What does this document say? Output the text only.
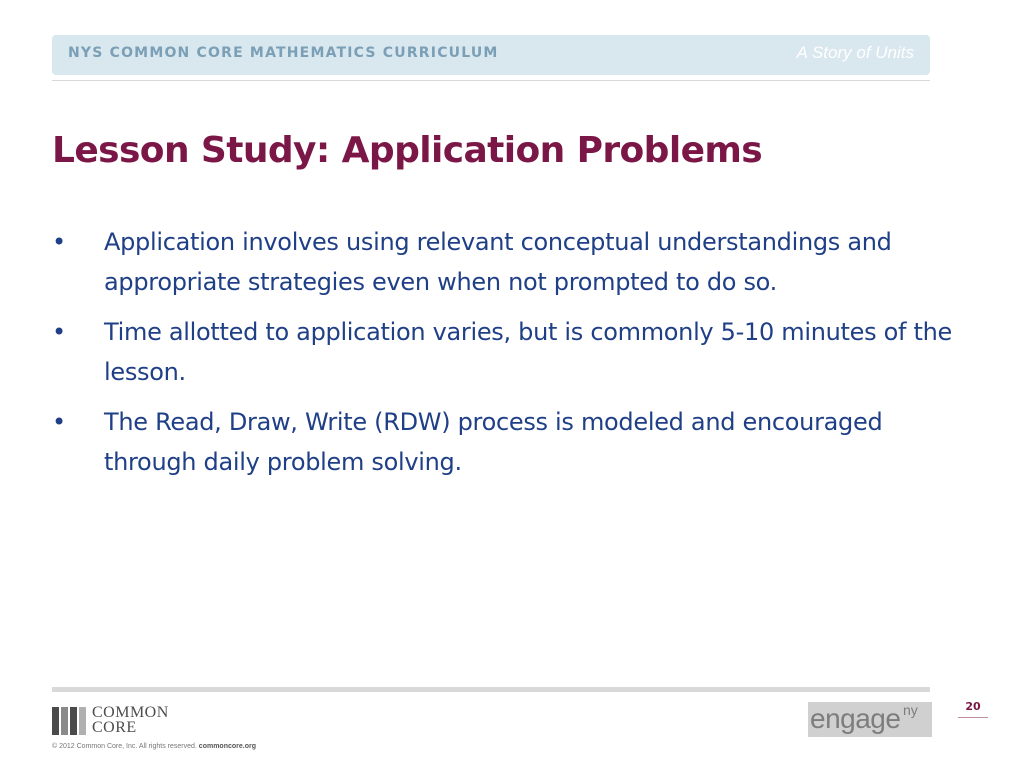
NYS COMMON CORE MATHEMATICS CURRICULUM	A Story of Units
Lesson Study: Application Problems
• Application involves using relevant conceptual understandings and appropriate strategies even when not prompted to do so.
• Time allotted to application varies, but is commonly 5-10 minutes of the lesson.
• The Read, Draw, Write (RDW) process is modeled and encouraged through daily problem solving.
COMMON
CORE
© 2012 Common Core, Inc. All rights reserved. commoncore.org
engage ny	20
